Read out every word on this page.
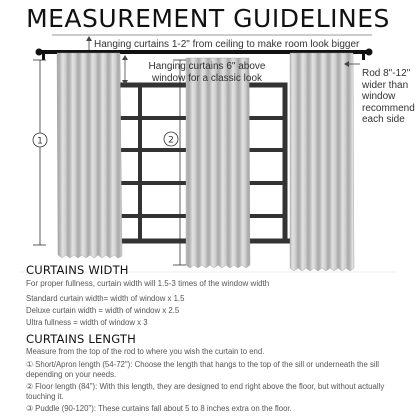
MEASUREMENT GUIDELINES
1	2
Hanging curtains 1-2" from ceiling to make room look bigger
Hanging curtains 6" above
window for a classic look	Rod 8"-12"
wider than
window
recommend
each side
CURTAINS WIDTH
For proper fullness, curtain width will 1.5-3 times of the window width
Standard curtain width= width of window x 1.5
Deluxe curtain width = width of window x 2.5
Ultra fullness = width of window x 3
CURTAINS LENGTH
Measure from the top of the rod to where you wish the curtain to end.
① Short/Apron length (54-72"): Choose the length that hangs to the top of the sill or underneath the sill
depending on your needs.
② Floor length (84"): With this length, they are designed to end right above the floor, but without actually
touching it.
③ Puddle (90-120"): These curtains fall about 5 to 8 inches extra on the floor.
